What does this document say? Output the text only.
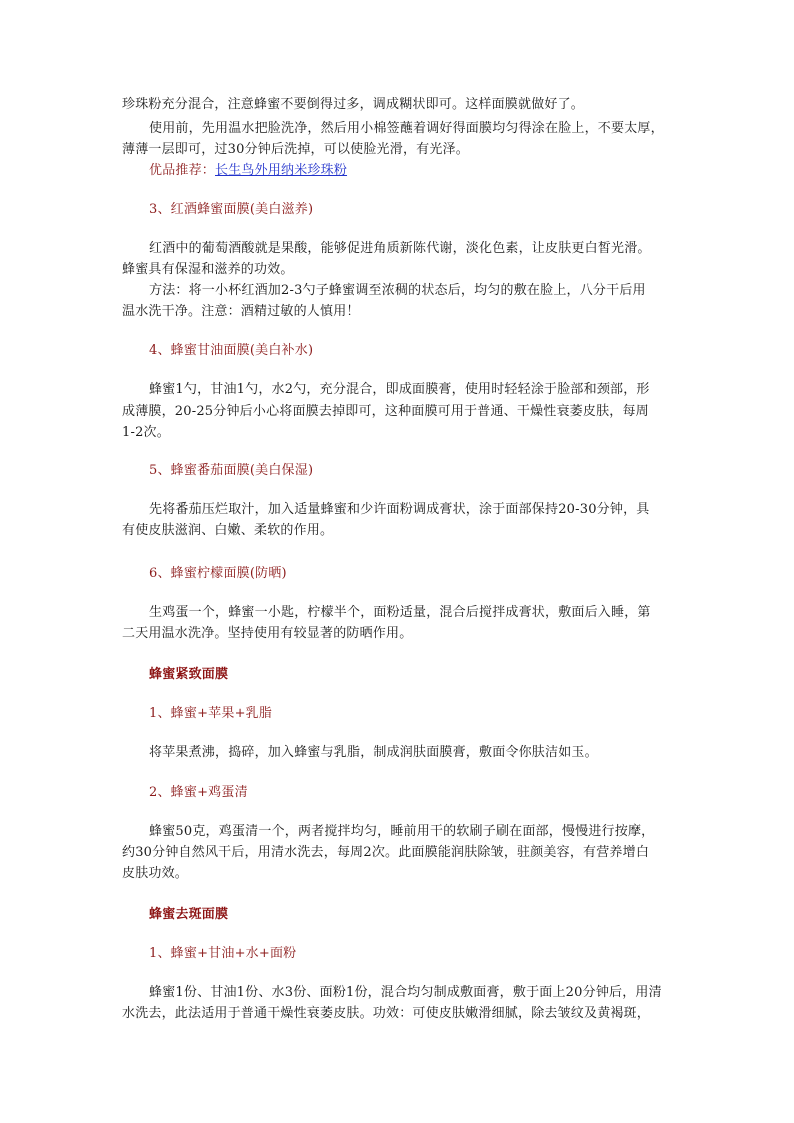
珍珠粉充分混合，注意蜂蜜不要倒得过多，调成糊状即可。这样面膜就做好了。
使用前，先用温水把脸洗净，然后用小棉签蘸着调好得面膜均匀得涂在脸上，不要太厚，
薄薄一层即可，过30分钟后洗掉，可以使脸光滑，有光泽。
优品推荐：长生鸟外用纳米珍珠粉
3、红酒蜂蜜面膜(美白滋养)
红酒中的葡萄酒酸就是果酸，能够促进角质新陈代谢，淡化色素，让皮肤更白皙光滑。
蜂蜜具有保湿和滋养的功效。
方法：将一小杯红酒加2-3勺子蜂蜜调至浓稠的状态后，均匀的敷在脸上，八分干后用
温水洗干净。注意：酒精过敏的人慎用！
4、蜂蜜甘油面膜(美白补水)
蜂蜜1勺，甘油1勺，水2勺，充分混合，即成面膜膏，使用时轻轻涂于脸部和颈部，形
成薄膜，20-25分钟后小心将面膜去掉即可，这种面膜可用于普通、干燥性衰萎皮肤，每周
1-2次。
5、蜂蜜番茄面膜(美白保湿)
先将番茄压烂取汁，加入适量蜂蜜和少许面粉调成膏状，涂于面部保持20-30分钟，具
有使皮肤滋润、白嫩、柔软的作用。
6、蜂蜜柠檬面膜(防晒)
生鸡蛋一个，蜂蜜一小匙，柠檬半个，面粉适量，混合后搅拌成膏状，敷面后入睡，第
二天用温水洗净。坚持使用有较显著的防晒作用。
蜂蜜紧致面膜
1、蜂蜜+苹果+乳脂
将苹果煮沸，捣碎，加入蜂蜜与乳脂，制成润肤面膜膏，敷面令你肤洁如玉。
2、蜂蜜+鸡蛋清
蜂蜜50克，鸡蛋清一个，两者搅拌均匀，睡前用干的软刷子刷在面部，慢慢进行按摩，
约30分钟自然风干后，用清水洗去，每周2次。此面膜能润肤除皱，驻颜美容，有营养增白
皮肤功效。
蜂蜜去斑面膜
1、蜂蜜+甘油+水+面粉
蜂蜜1份、甘油1份、水3份、面粉1份，混合均匀制成敷面膏，敷于面上20分钟后，用清
水洗去，此法适用于普通干燥性衰萎皮肤。功效：可使皮肤嫩滑细腻，除去皱纹及黄褐斑，
